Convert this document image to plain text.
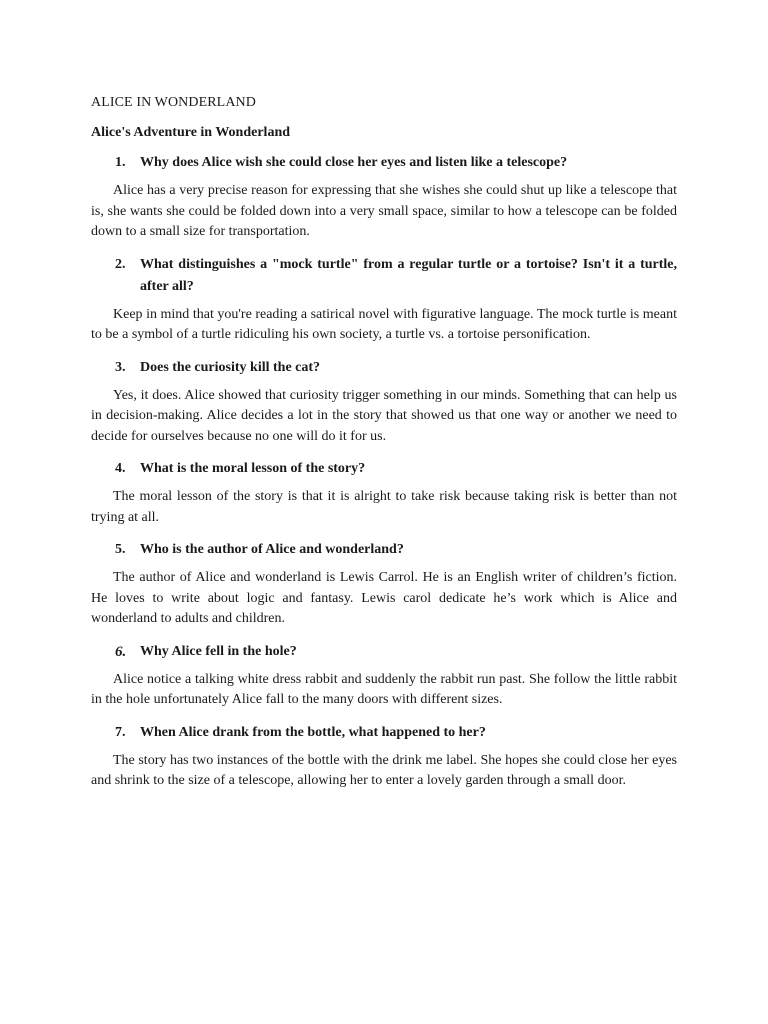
ALICE IN WONDERLAND
Alice's Adventure in Wonderland
1.	Why does Alice wish she could close her eyes and listen like a telescope?

Alice has a very precise reason for expressing that she wishes she could shut up like a telescope that is, she wants she could be folded down into a very small space, similar to how a telescope can be folded down to a small size for transportation.

2.	What distinguishes a "mock turtle" from a regular turtle or a tortoise? Isn't it a turtle, after all?

Keep in mind that you're reading a satirical novel with figurative language. The mock turtle is meant to be a symbol of a turtle ridiculing his own society, a turtle vs. a tortoise personification.

3.	Does the curiosity kill the cat?

Yes, it does. Alice showed that curiosity trigger something in our minds. Something that can help us in decision-making. Alice decides a lot in the story that showed us that one way or another we need to decide for ourselves because no one will do it for us.

4.	What is the moral lesson of the story?

The moral lesson of the story is that it is alright to take risk because taking risk is better than not trying at all.

5.	Who is the author of Alice and wonderland?

The author of Alice and wonderland is Lewis Carrol. He is an English writer of children’s fiction. He loves to write about logic and fantasy. Lewis carol dedicate he’s work which is Alice and wonderland to adults and children.

6. Why Alice fell in the hole?

Alice notice a talking white dress rabbit and suddenly the rabbit run past. She follow the little rabbit in the hole unfortunately Alice fall to the many doors with different sizes.

7.	When Alice drank from the bottle, what happened to her?

The story has two instances of the bottle with the drink me label. She hopes she could close her eyes and shrink to the size of a telescope, allowing her to enter a lovely garden through a small door.
